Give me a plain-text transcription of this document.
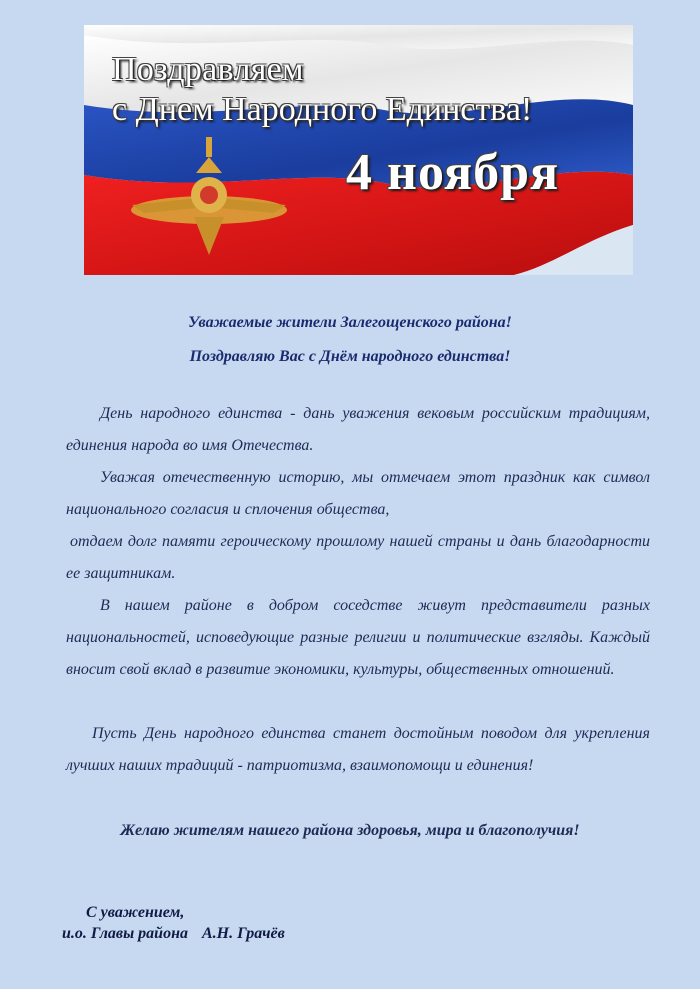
Поздравляем

с Днем Народного Единства!

4 ноября

Уважаемые жители Залегощенского района!

Поздравляю Вас с Днём народного единства!

День народного единства - дань уважения вековым российским традициям, единения народа во имя Отечества.

Уважая отечественную историю, мы отмечаем этот праздник как символ национального согласия и сплочения общества,

отдаем долг памяти героическому прошлому нашей страны и дань благодарности ее защитникам.

В нашем районе в добром соседстве живут представители разных национальностей, исповедующие разные религии и политические взгляды. Каждый вносит свой вклад в развитие экономики, культуры, общественных отношений.

Пусть День народного единства станет достойным поводом для укрепления лучших наших традиций - патриотизма, взаимопомощи и единения!

Желаю жителям нашего района здоровья, мира и благополучия!

С уважением,

и.о. Главы района А.Н. Грачёв
